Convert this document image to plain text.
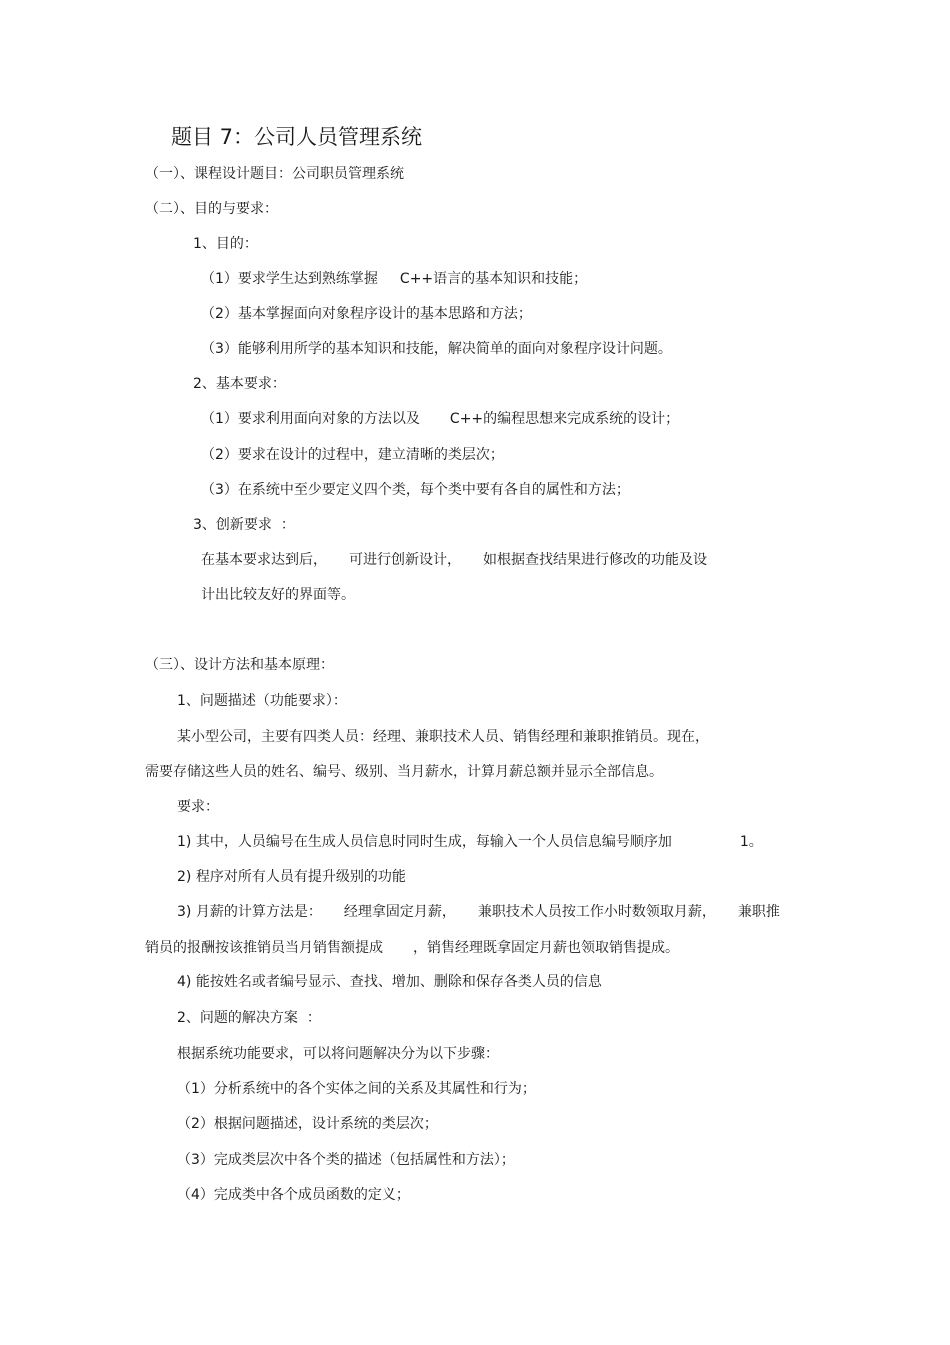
题目 7：公司人员管理系统
（一）、课程设计题目：公司职员管理系统
（二）、目的与要求：
1、目的：
（1）要求学生达到熟练掌握 C++语言的基本知识和技能；
（2）基本掌握面向对象程序设计的基本思路和方法；
（3）能够利用所学的基本知识和技能，解决简单的面向对象程序设计问题。
2、基本要求：
（1）要求利用面向对象的方法以及 C++的编程思想来完成系统的设计；
（2）要求在设计的过程中，建立清晰的类层次；
（3）在系统中至少要定义四个类，每个类中要有各自的属性和方法；
3、创新要求 ：
在基本要求达到后， 可进行创新设计， 如根据查找结果进行修改的功能及设
计出比较友好的界面等。
（三）、设计方法和基本原理：
1、问题描述（功能要求）：
某小型公司，主要有四类人员：经理、兼职技术人员、销售经理和兼职推销员。现在，
需要存储这些人员的姓名、编号、级别、当月薪水，计算月薪总额并显示全部信息。
要求：
1) 其中，人员编号在生成人员信息时同时生成，每输入一个人员信息编号顺序加	1。
2) 程序对所有人员有提升级别的功能
3) 月薪的计算方法是： 经理拿固定月薪， 兼职技术人员按工作小时数领取月薪， 兼职推
销员的报酬按该推销员当月销售额提成 ，销售经理既拿固定月薪也领取销售提成。
4) 能按姓名或者编号显示、查找、增加、删除和保存各类人员的信息
2、问题的解决方案 ：
根据系统功能要求，可以将问题解决分为以下步骤：
（1）分析系统中的各个实体之间的关系及其属性和行为；
（2）根据问题描述，设计系统的类层次；
（3）完成类层次中各个类的描述（包括属性和方法）；
（4）完成类中各个成员函数的定义；
